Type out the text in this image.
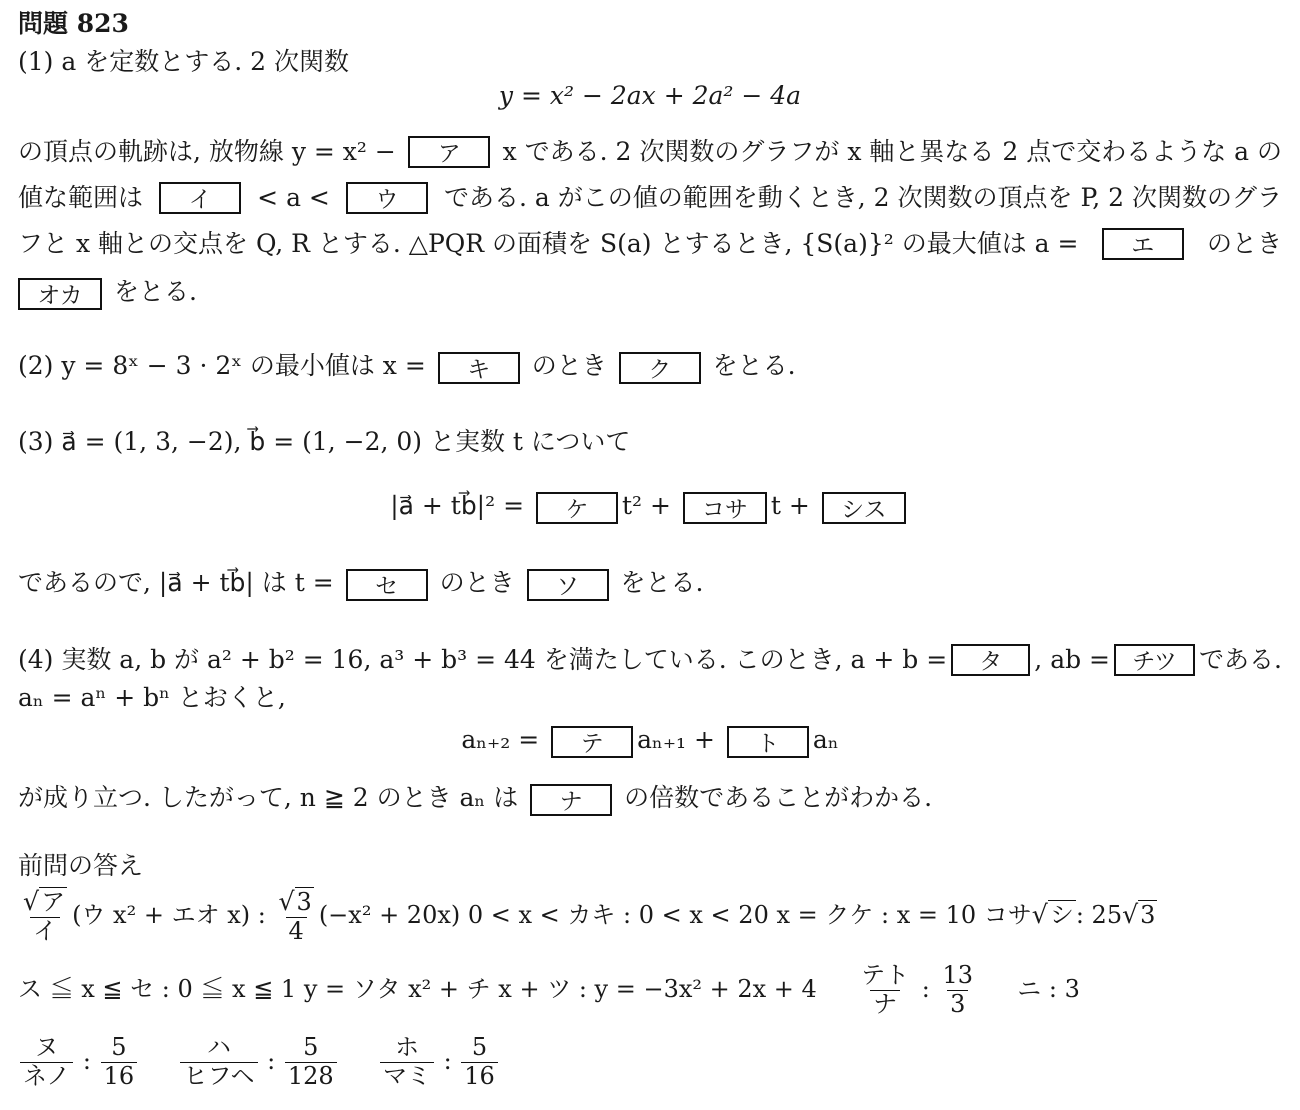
問題 823
(1) a を定数とする. 2 次関数
y = x² − 2ax + 2a² − 4a
の頂点の軌跡は, 放物線 y = x² −	ア	x である. 2 次関数のグラフが x 軸と異なる 2 点で交わるような a の
値な範囲は	イ	< a <	ウ	である. a がこの値の範囲を動くとき, 2 次関数の頂点を P, 2 次関数のグラ
フと x 軸との交点を Q, R とする. △PQR の面積を S(a) とするとき, {S(a)}² の最大値は a =	エ	のとき
オカ をとる.
(2) y = 8ˣ − 3 · 2ˣ の最小値は x = キ のとき ク をとる.
(3) a⃗ = (1, 3, −2), b⃗ = (1, −2, 0) と実数 t について
|a⃗ + tb⃗|² = ケ t² + コサ t + シス
であるので, |a⃗ + tb⃗| は t = セ のとき ソ をとる.
(4) 実数 a, b が a² + b² = 16, a³ + b³ = 44 を満たしている. このとき, a + b =	タ	, ab = チツ である.
aₙ = aⁿ + bⁿ とおくと,
aₙ₊₂ = テ aₙ₊₁ + ト aₙ
が成り立つ. したがって, n ≧ 2 のとき aₙ は ナ の倍数であることがわかる.
前問の答え
$\frac{\text{√ア}}{\text{イ}}$ (ウ x² + エオ x) : $\frac{√3}{4} (-x^2 + 20x) 0 < x$ < カキ : 0 < x < 20 x = クケ : x = 10 コサ√シ: 25√3
ス ≦ x ≦ セ : 0 ≦ x ≦ 1 y = ソタ x² + チ x + ツ : $y = -3x^2 + 2x + 4 \frac{\text{テト}}{\text{ナ}}$ : $\frac{13}{3}$ ニ : 3
$\frac{\text{ヌ}}{\text{ネノ}}$ : $\frac{5}{16}$
$\frac{\text{ハ}}{\text{ヒフヘ}}$ : $\frac{5}{128}$
$\frac{\text{ホ}}{\text{マミ}}$ : $\frac{5}{16}$
